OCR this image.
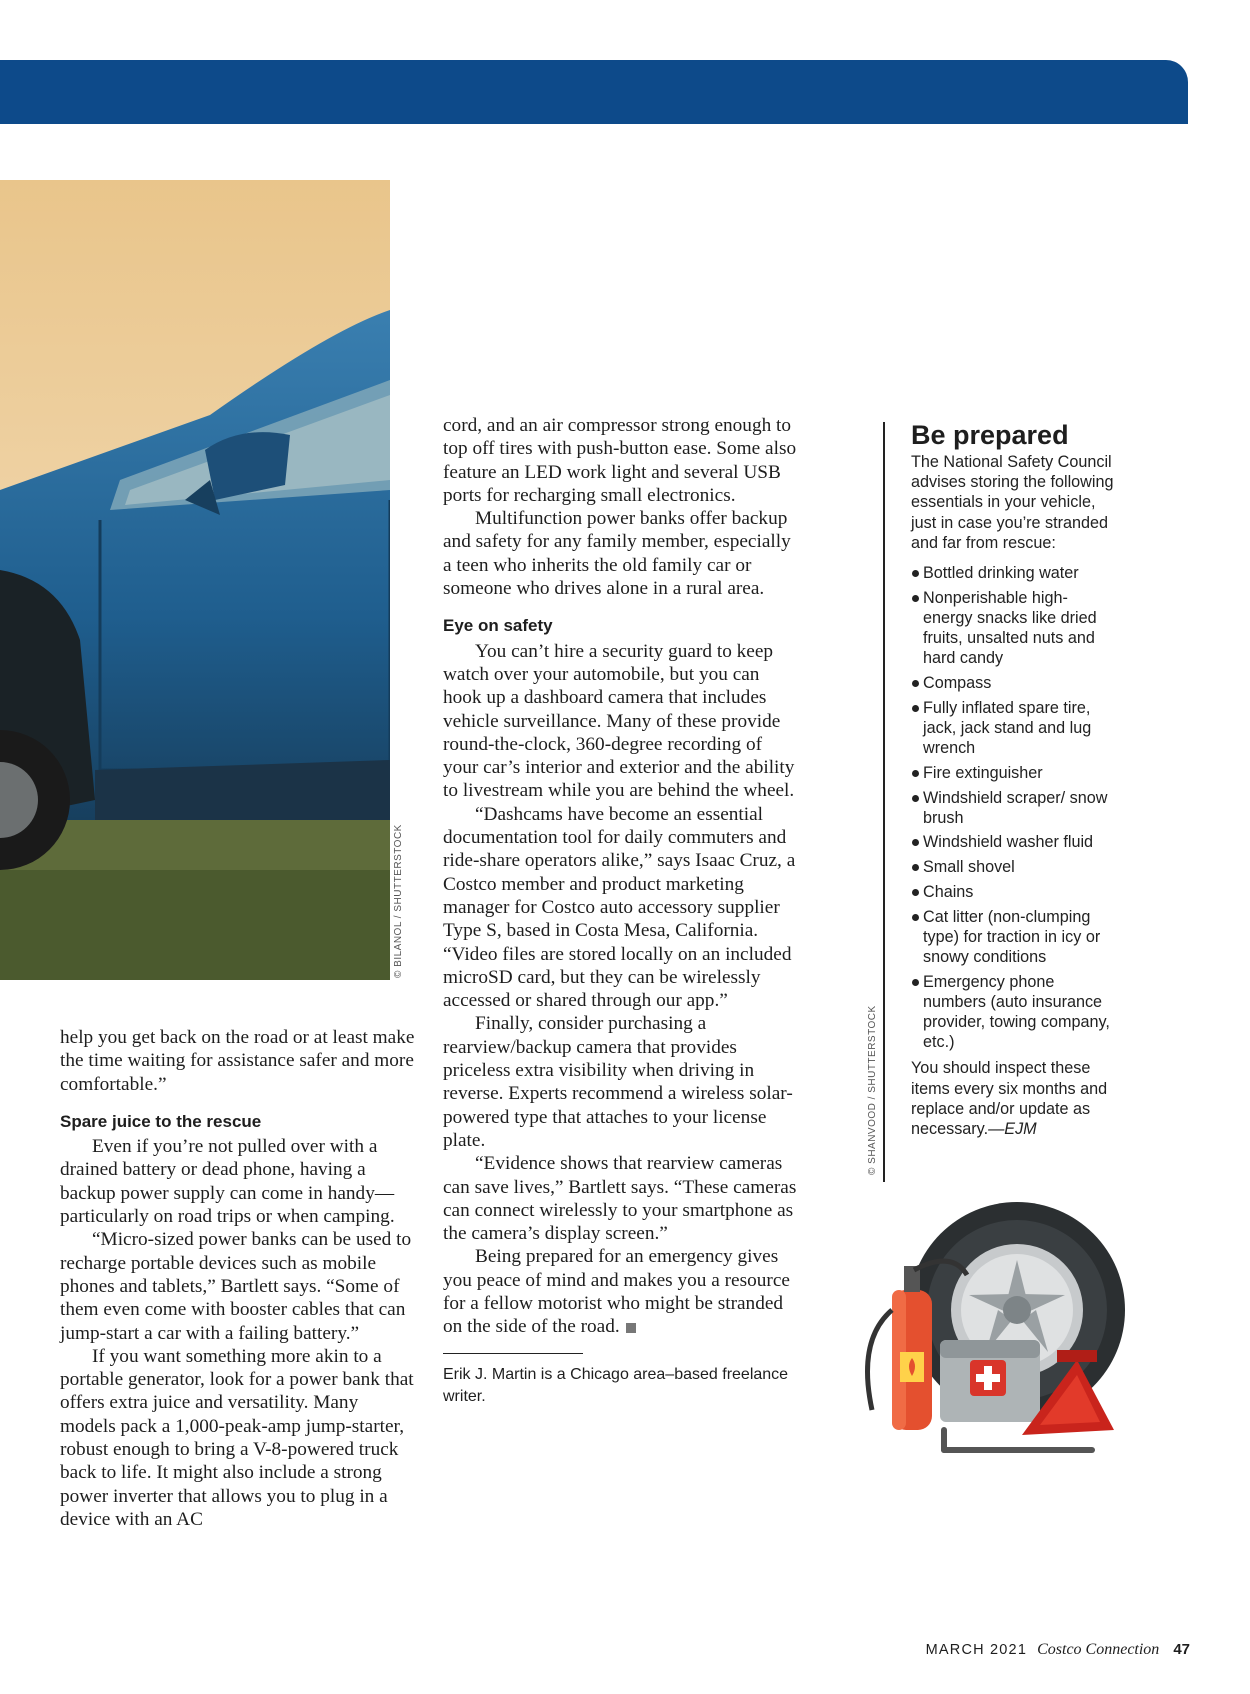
© BILANOL / SHUTTERSTOCK

help you get back on the road or at least make the time waiting for assistance safer and more comfortable.”

Spare juice to the rescue

Even if you’re not pulled over with a drained battery or dead phone, having a backup power supply can come in handy—particularly on road trips or when camping.

“Micro-sized power banks can be used to recharge portable devices such as mobile phones and tablets,” Bartlett says. “Some of them even come with booster cables that can jump-start a car with a failing battery.”

If you want something more akin to a portable generator, look for a power bank that offers extra juice and versatility. Many models pack a 1,000-peak-amp jump-starter, robust enough to bring a V-8-powered truck back to life. It might also include a strong power inverter that allows you to plug in a device with an AC

cord, and an air compressor strong enough to top off tires with push-button ease. Some also feature an LED work light and several USB ports for recharging small electronics.

Multifunction power banks offer backup and safety for any family member, especially a teen who inherits the old family car or someone who drives alone in a rural area.

Eye on safety

You can’t hire a security guard to keep watch over your automobile, but you can hook up a dashboard camera that includes vehicle surveillance. Many of these provide round-the-clock, 360-degree recording of your car’s interior and exterior and the ability to livestream while you are behind the wheel.

“Dashcams have become an essential documentation tool for daily commuters and ride-share operators alike,” says Isaac Cruz, a Costco member and product marketing manager for Costco auto accessory supplier Type S, based in Costa Mesa, California. “Video files are stored locally on an included microSD card, but they can be wirelessly accessed or shared through our app.”

Finally, consider purchasing a rearview/backup camera that provides priceless extra visibility when driving in reverse. Experts recommend a wireless solar-powered type that attaches to your license plate.

“Evidence shows that rearview cameras can save lives,” Bartlett says. “These cameras can connect wirelessly to your smartphone as the camera’s display screen.”

Being prepared for an emergency gives you peace of mind and makes you a resource for a fellow motorist who might be stranded on the side of the road.

Erik J. Martin is a Chicago area–based freelance writer.

© SHANVOOD / SHUTTERSTOCK

Be prepared

The National Safety Council advises storing the following essentials in your vehicle, just in case you’re stranded and far from rescue:

Bottled drinking water
Nonperishable high-energy snacks like dried fruits, unsalted nuts and hard candy
Compass
Fully inflated spare tire, jack, jack stand and lug wrench
Fire extinguisher
Windshield scraper/ snow brush
Windshield washer fluid
Small shovel
Chains
Cat litter (non-clumping type) for traction in icy or snowy conditions
Emergency phone numbers (auto insurance provider, towing company, etc.)

You should inspect these items every six months and replace and/or update as necessary.—EJM

MARCH 2021 Costco Connection 47
